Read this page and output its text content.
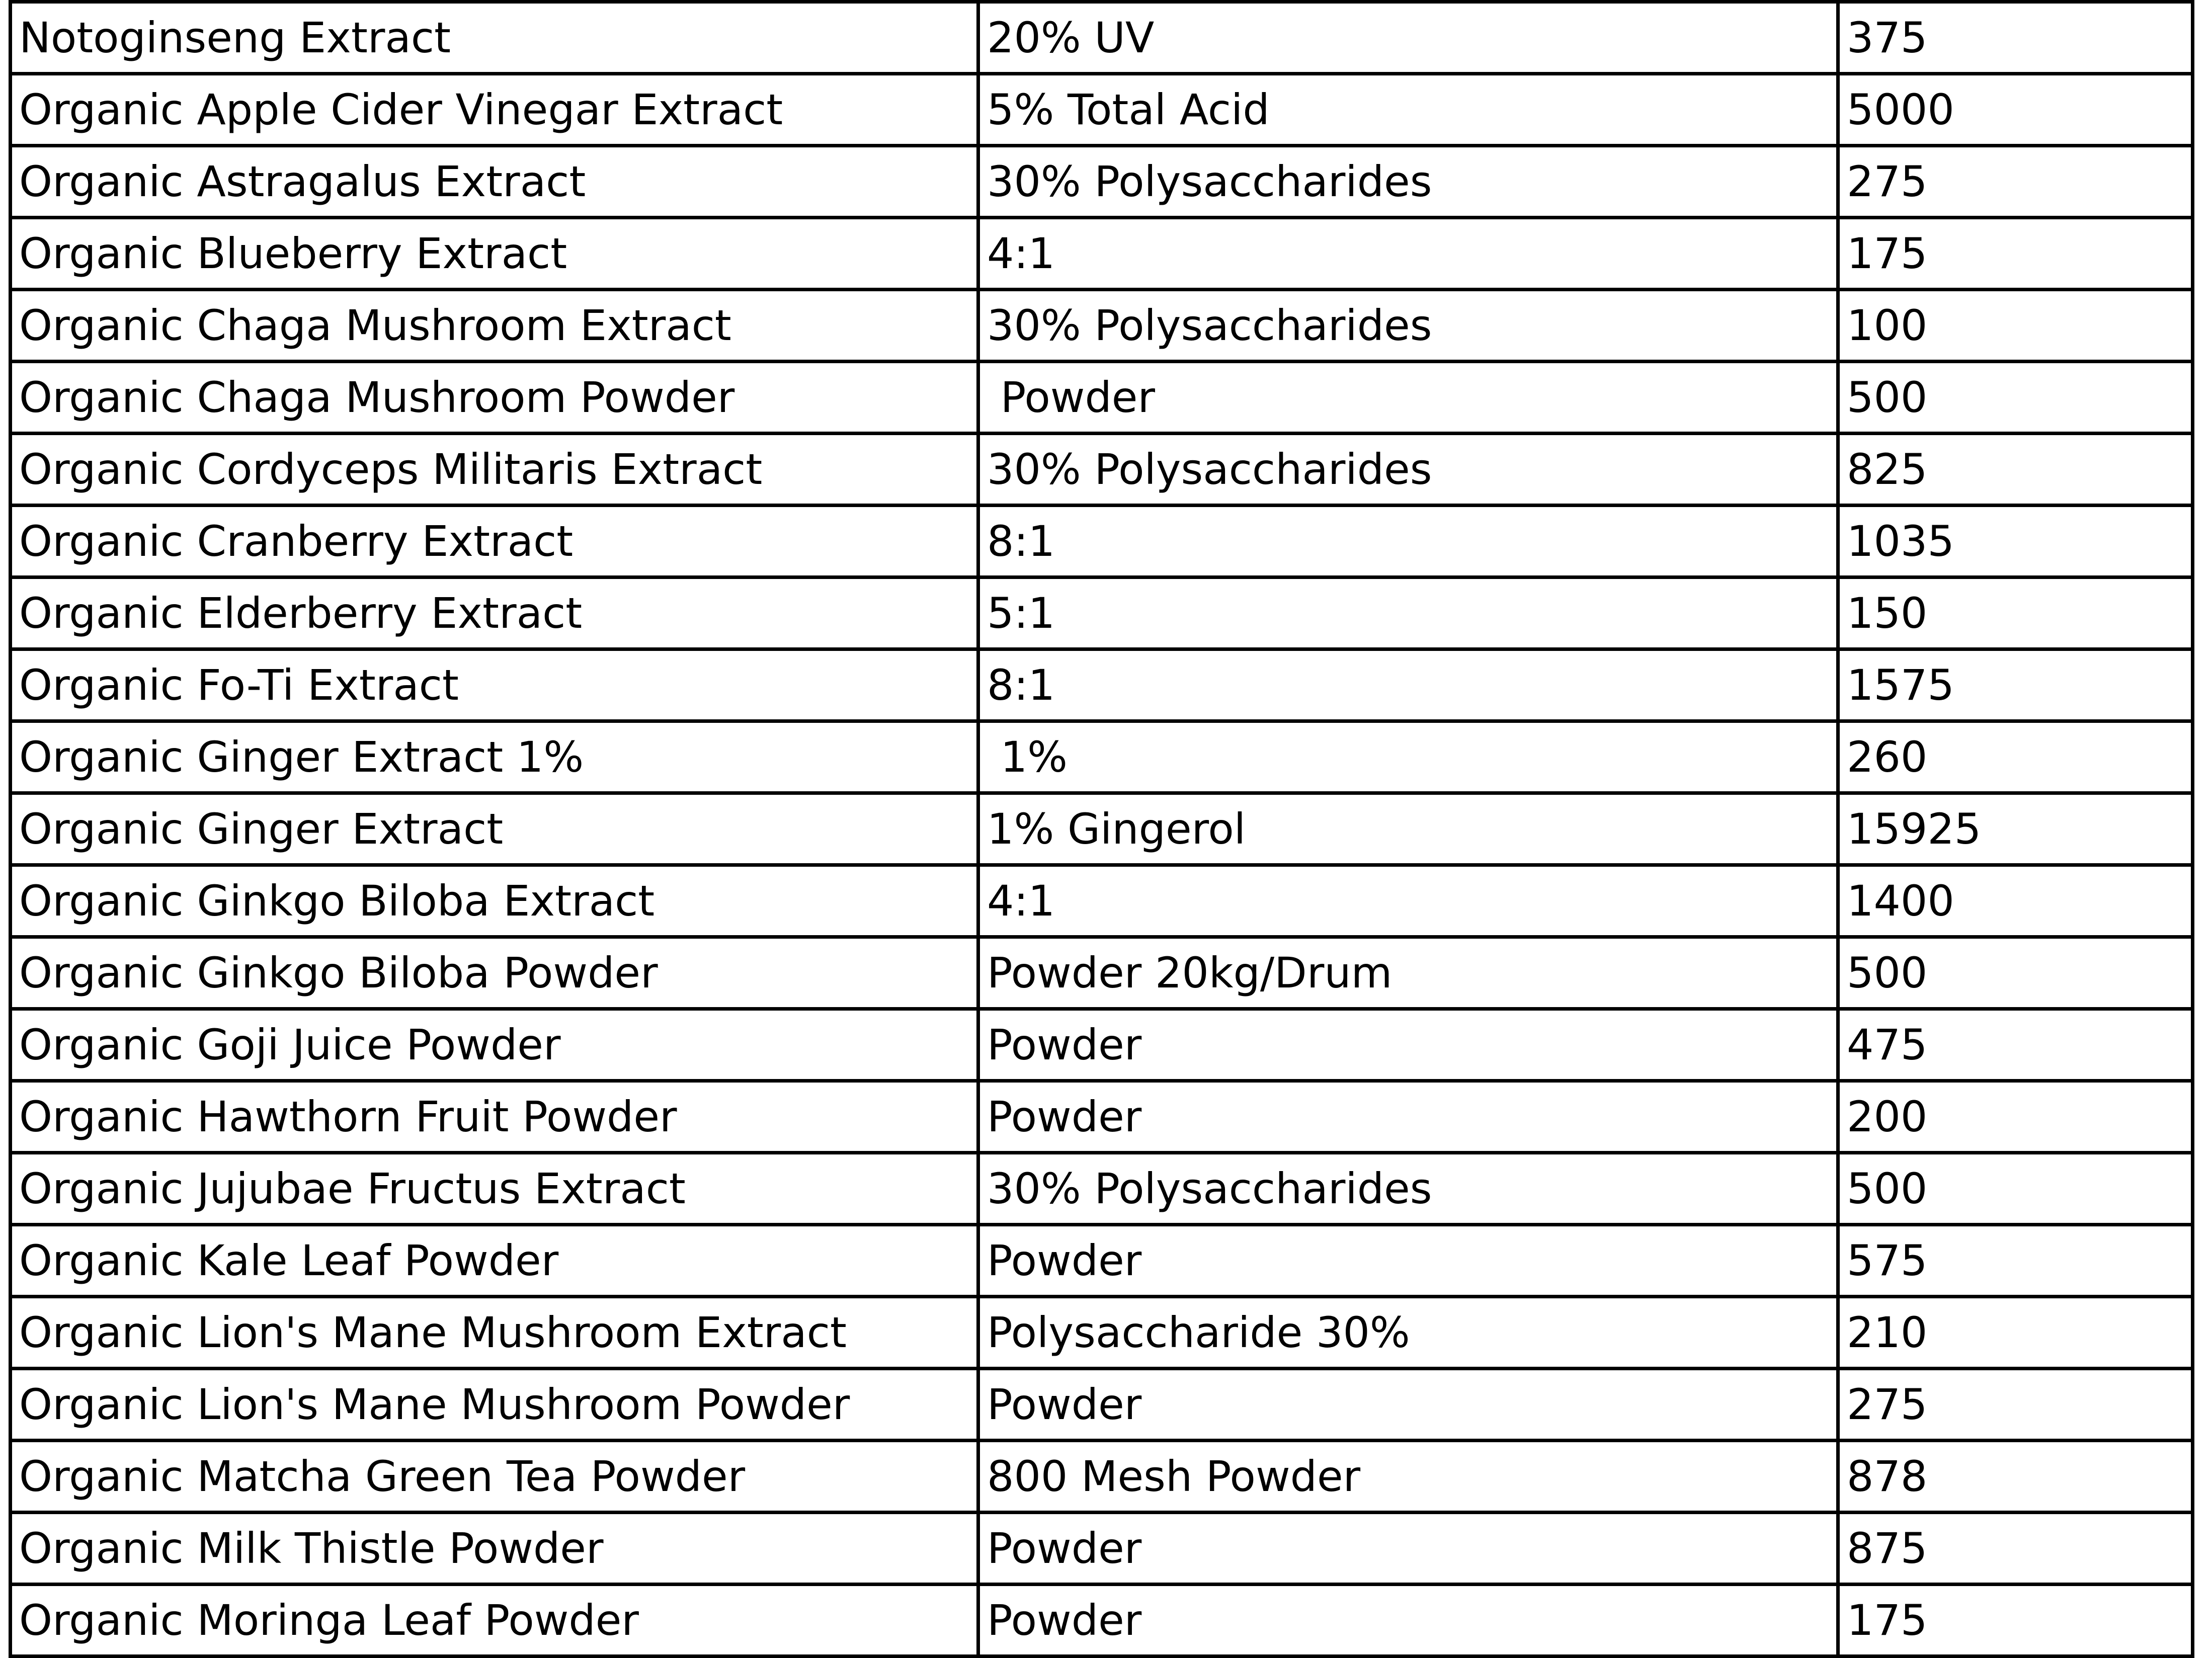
Notoginseng Extract	20% UV	375
Organic Apple Cider Vinegar Extract	5% Total Acid	5000
Organic Astragalus Extract	30% Polysaccharides	275
Organic Blueberry Extract	4:1	175
Organic Chaga Mushroom Extract	30% Polysaccharides	100
Organic Chaga Mushroom Powder	Powder	500
Organic Cordyceps Militaris Extract	30% Polysaccharides	825
Organic Cranberry Extract	8:1	1035
Organic Elderberry Extract	5:1	150
Organic Fo-Ti Extract	8:1	1575
Organic Ginger Extract 1%	1%	260
Organic Ginger Extract	1% Gingerol	15925
Organic Ginkgo Biloba Extract	4:1	1400
Organic Ginkgo Biloba Powder	Powder 20kg/Drum	500
Organic Goji Juice Powder	Powder	475
Organic Hawthorn Fruit Powder	Powder	200
Organic Jujubae Fructus Extract	30% Polysaccharides	500
Organic Kale Leaf Powder	Powder	575
Organic Lion's Mane Mushroom Extract	Polysaccharide 30%	210
Organic Lion's Mane Mushroom Powder	Powder	275
Organic Matcha Green Tea Powder	800 Mesh Powder	878
Organic Milk Thistle Powder	Powder	875
Organic Moringa Leaf Powder	Powder	175
